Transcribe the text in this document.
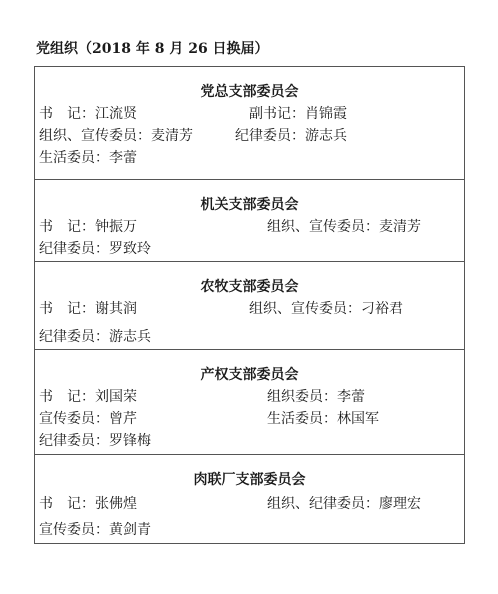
党组织（2018 年 8 月 26 日换届）
党总支部委员会
书　记：江流贤	副书记：肖锦霞
组织、宣传委员：麦清芳	纪律委员：游志兵
生活委员：李蕾
机关支部委员会
书　记：钟振万	组织、宣传委员：麦清芳
纪律委员：罗致玲
农牧支部委员会
书　记：谢其润	组织、宣传委员：刁裕君
纪律委员：游志兵
产权支部委员会
书　记：刘国荣	组织委员：李蕾
宣传委员：曾芹	生活委员：林国军
纪律委员：罗锋梅
肉联厂支部委员会
书　记：张佛煌	组织、纪律委员：廖理宏
宣传委员：黄剑青
